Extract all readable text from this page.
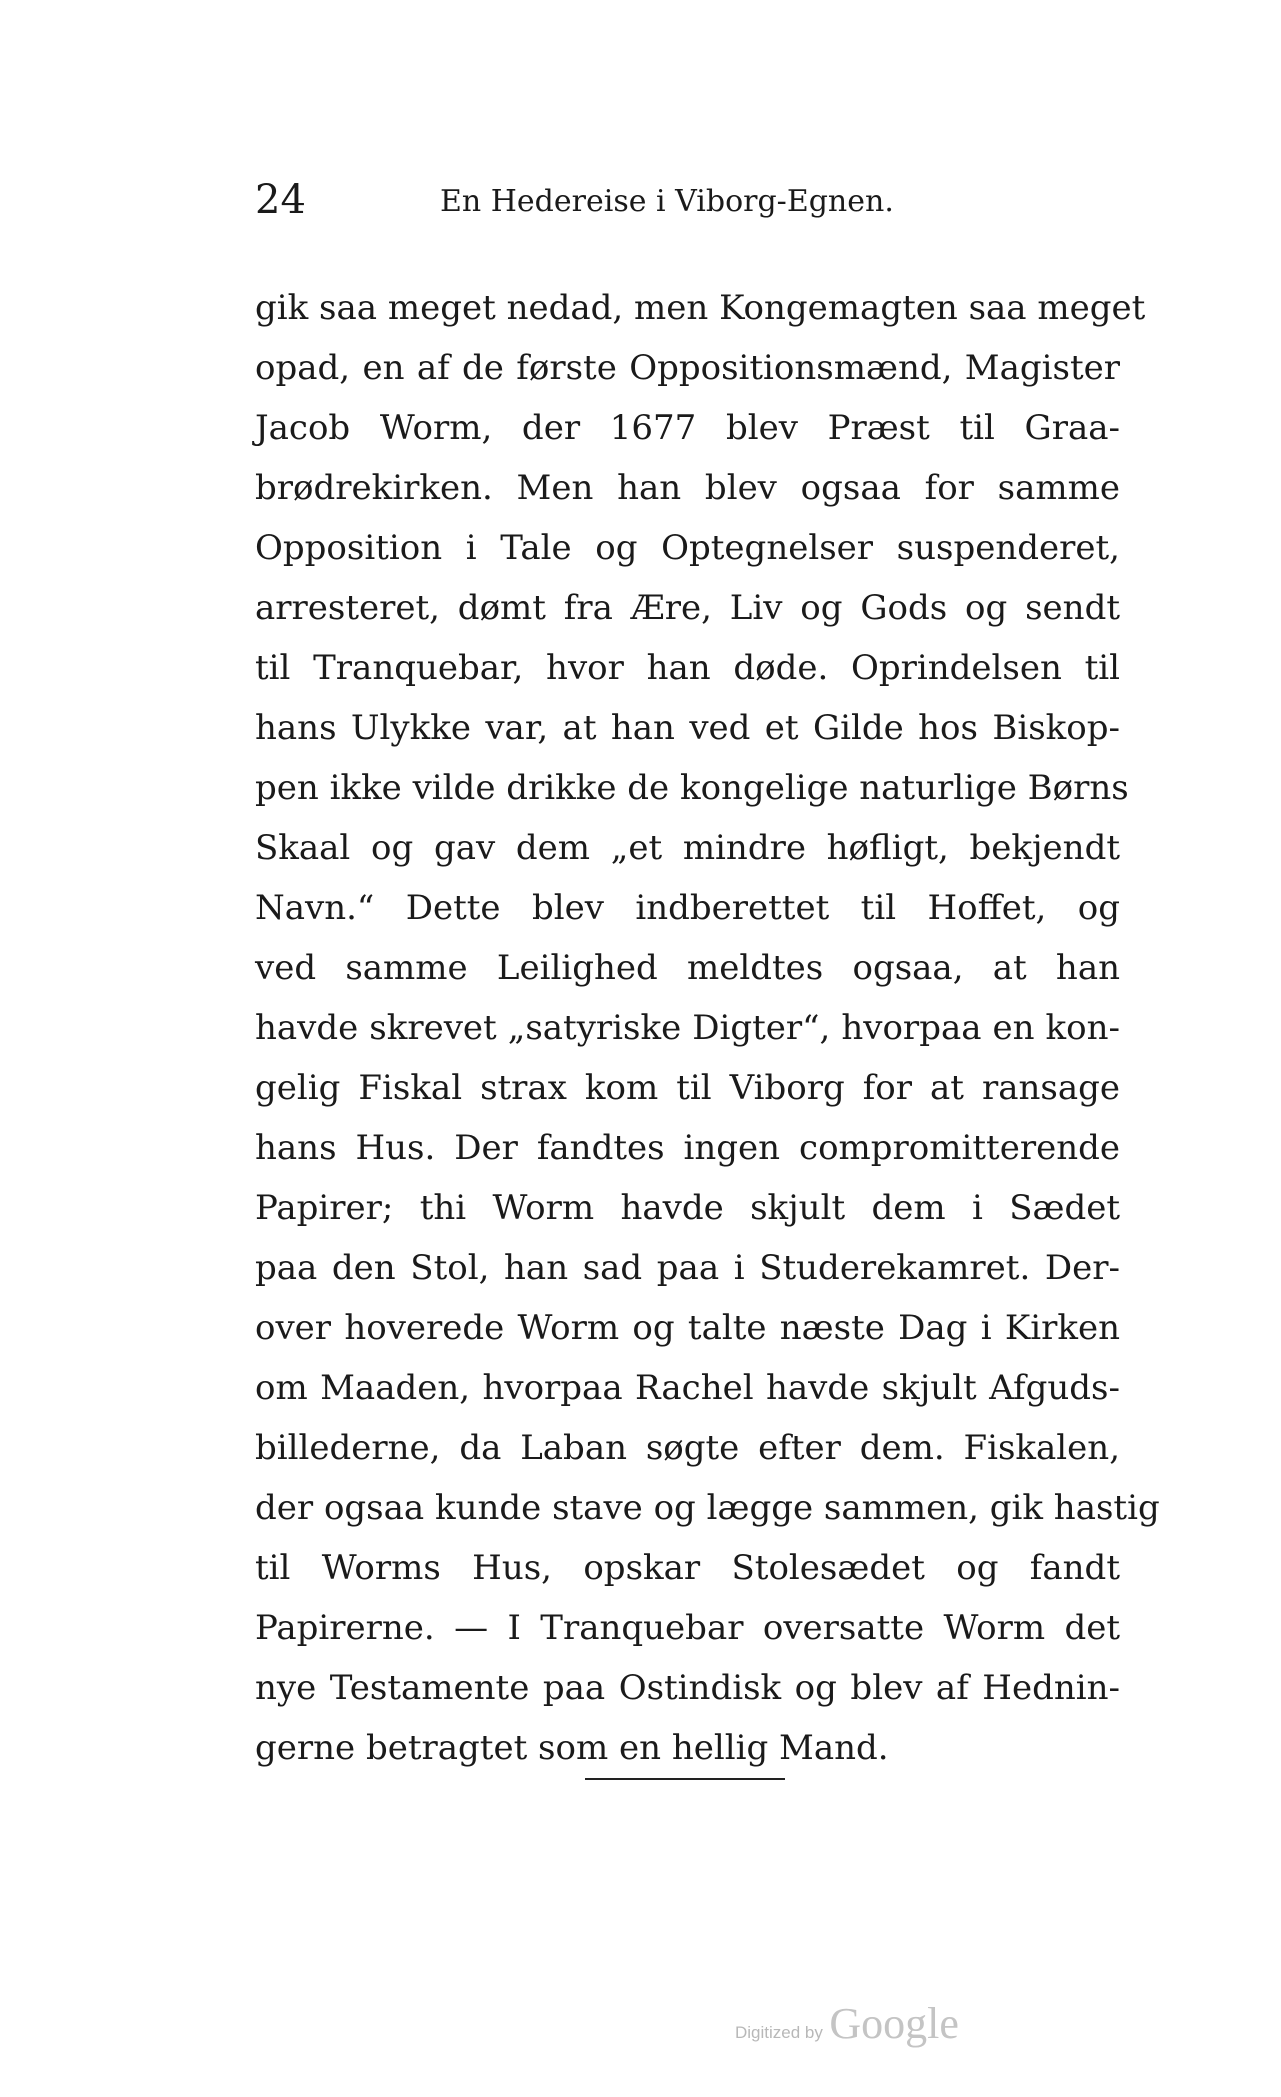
24	En Hedereise i Viborg-Egnen.
gik saa meget nedad, men Kongemagten saa meget
opad, en af de første Oppositionsmænd, Magister
Jacob Worm, der 1677 blev Præst til Graa-
brødrekirken. Men han blev ogsaa for samme
Opposition i Tale og Optegnelser suspenderet,
arresteret, dømt fra Ære, Liv og Gods og sendt
til Tranquebar, hvor han døde. Oprindelsen til
hans Ulykke var, at han ved et Gilde hos Biskop-
pen ikke vilde drikke de kongelige naturlige Børns
Skaal og gav dem „et mindre høfligt, bekjendt
Navn.“ Dette blev indberettet til Hoffet, og
ved samme Leilighed meldtes ogsaa, at han
havde skrevet „satyriske Digter“, hvorpaa en kon-
gelig Fiskal strax kom til Viborg for at ransage
hans Hus. Der fandtes ingen compromitterende
Papirer; thi Worm havde skjult dem i Sædet
paa den Stol, han sad paa i Studerekamret. Der-
over hoverede Worm og talte næste Dag i Kirken
om Maaden, hvorpaa Rachel havde skjult Afguds-
billederne, da Laban søgte efter dem. Fiskalen,
der ogsaa kunde stave og lægge sammen, gik hastig
til Worms Hus, opskar Stolesædet og fandt
Papirerne. — I Tranquebar oversatte Worm det
nye Testamente paa Ostindisk og blev af Hednin-
gerne betragtet som en hellig Mand.
Digitized by Google
